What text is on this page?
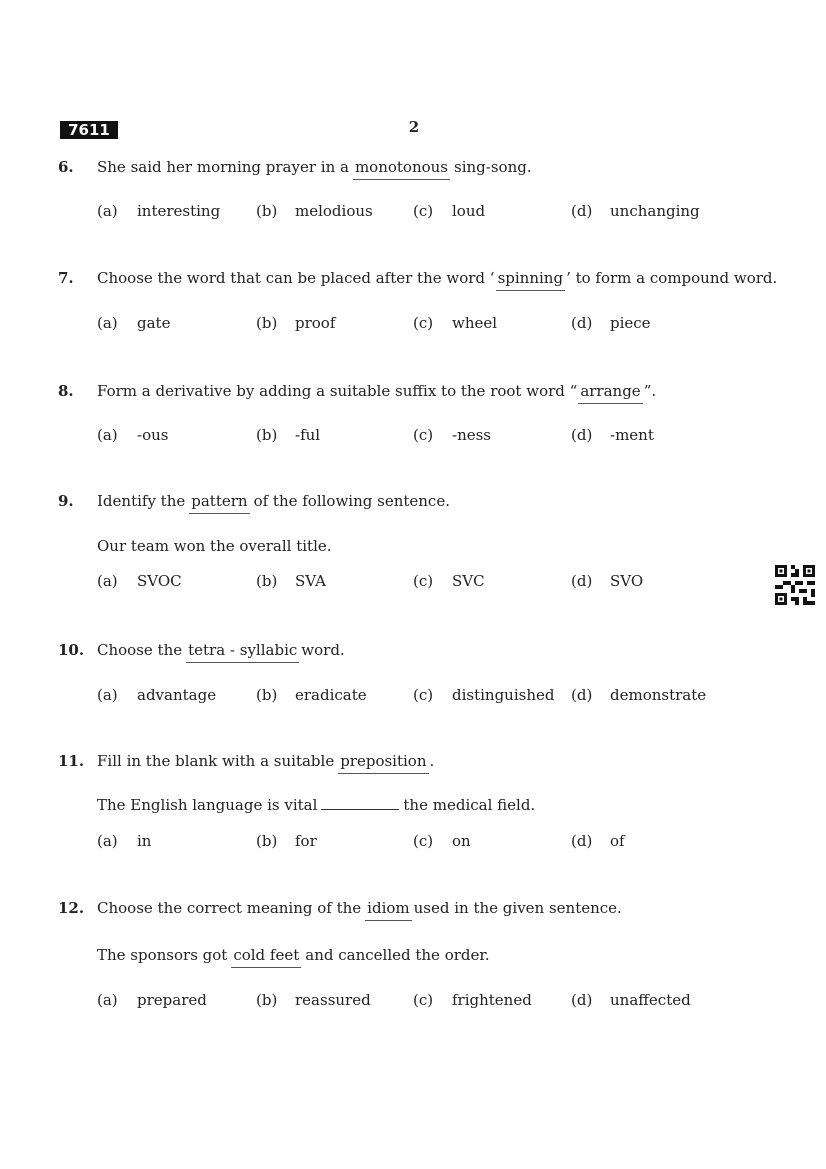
7611	2
6. She said her morning prayer in a monotonous sing-song.
(a) interesting (b) melodious	(c) loud	(d) unchanging
7. Choose the word that can be placed after the word ‘ spinning ’ to form a compound word.
(a) gate	(b) proof	(c) wheel	(d) piece
8. Form a derivative by adding a suitable suffix to the root word “ arrange ”.
(a) -ous	(b) -ful	(c) -ness	(d) -ment
9. Identify the pattern of the following sentence.
Our team won the overall title.
(a) SVOC	(b) SVA	(c) SVC	(d) SVO
10. Choose the tetra - syllabic word.
(a) advantage	(b) eradicate	(c) distinguished (d) demonstrate
11. Fill in the blank with a suitable preposition .
The English language is vital	the medical field.
(a) in	(b) for	(c) on	(d) of
12. Choose the correct meaning of the idiom used in the given sentence.
The sponsors got cold feet and cancelled the order.
(a) prepared	(b) reassured	(c) frightened	(d) unaffected
